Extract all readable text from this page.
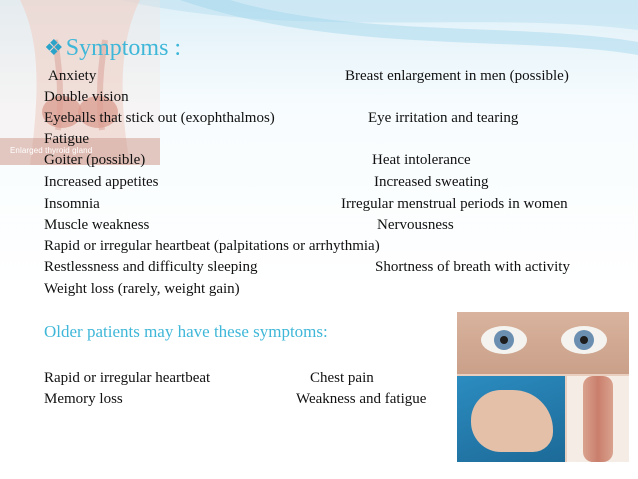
Enlarged thyroid gland
❖Symptoms :
Anxiety	Breast enlargement in men (possible)
Double vision
Eyeballs that stick out (exophthalmos)	Eye irritation and tearing
Fatigue
Goiter (possible)	Heat intolerance
Increased appetites	Increased sweating
Insomnia	Irregular menstrual periods in women
Muscle weakness	Nervousness
Rapid or irregular heartbeat (palpitations or arrhythmia)
Restlessness and difficulty sleeping	Shortness of breath with activity
Weight loss (rarely, weight gain)
Older patients may have these symptoms:
Rapid or irregular heartbeat	Chest pain
Memory loss	Weakness and fatigue
